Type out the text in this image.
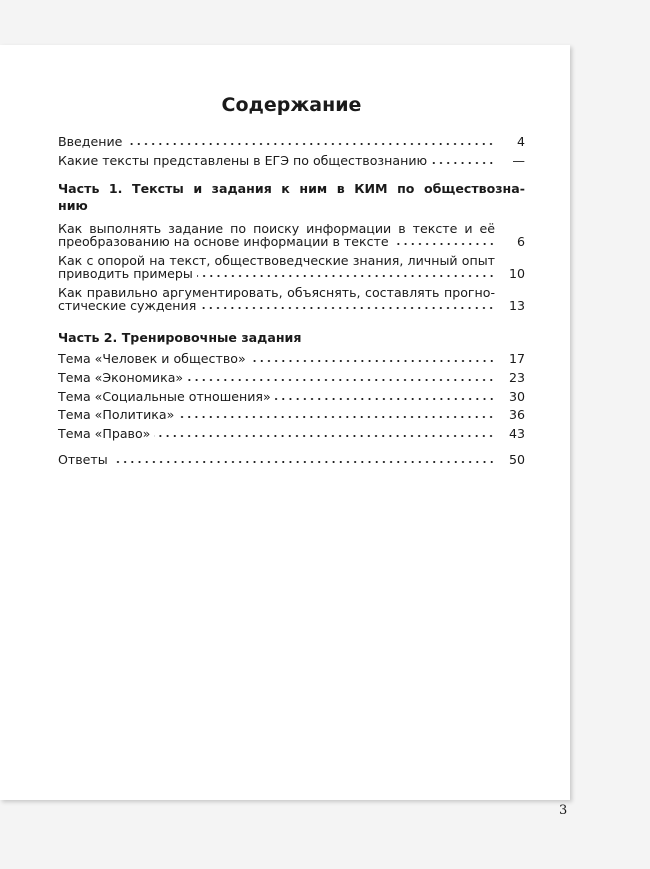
Содержание
Введение	4
Какие тексты представлены в ЕГЭ по обществознанию	—
Часть 1. Тексты и задания к ним в КИМ по обществозна-
нию
Как выполнять задание по поиску информации в тексте и её
преобразованию на основе информации в тексте	6
Как с опорой на текст, обществоведческие знания, личный опыт
приводить примеры	10
Как правильно аргументировать, объяснять, составлять прогно-
стические суждения	13
Часть 2. Тренировочные задания
Тема «Человек и общество»	17
Тема «Экономика»	23
Тема «Социальные отношения»	30
Тема «Политика»	36
Тема «Право»	43
Ответы	50
3
